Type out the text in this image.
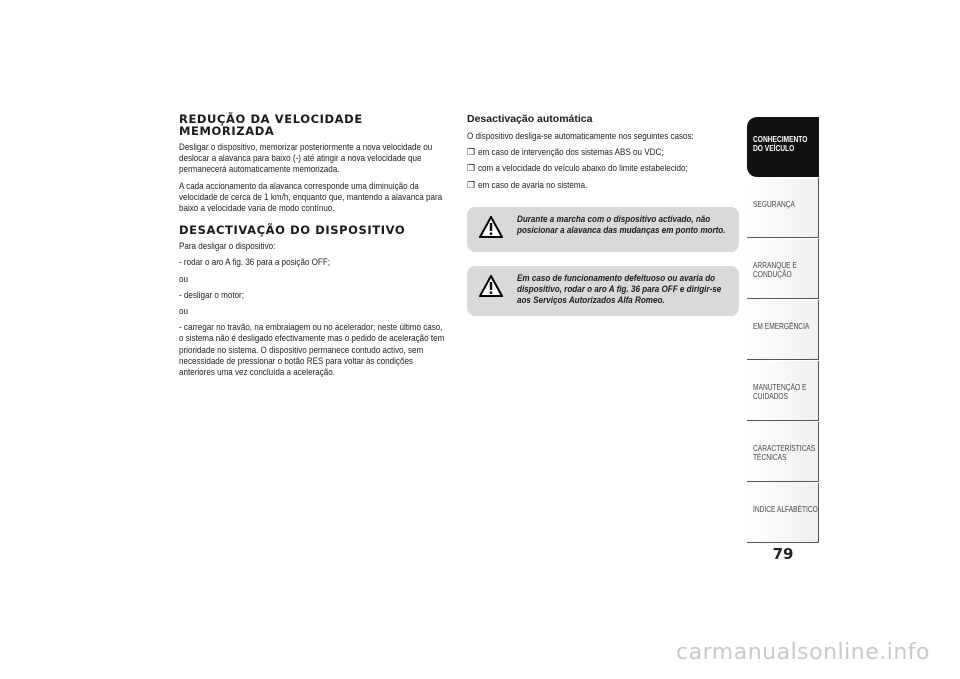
REDUÇÃO DA VELOCIDADE MEMORIZADA

Desligar o dispositivo, memorizar posteriormente a nova velocidade ou deslocar a alavanca para baixo (-) até atingir a nova velocidade que permanecerá automaticamente memorizada.

A cada accionamento da alavanca corresponde uma diminuição da velocidade de cerca de 1 km/h, enquanto que, mantendo a alavanca para baixo a velocidade varia de modo contínuo.

DESACTIVAÇÃO DO DISPOSITIVO

Para desligar o dispositivo:

- rodar o aro A fig. 36 para a posição OFF;

ou

- desligar o motor;

ou

- carregar no travão, na embraiagem ou no acelerador; neste último caso, o sistema não é desligado efectivamente mas o pedido de aceleração tem prioridade no sistema. O dispositivo permanece contudo activo, sem necessidade de pressionar o botão RES para voltar às condições anteriores uma vez concluída a aceleração.

Desactivação automática

O dispositivo desliga-se automaticamente nos seguintes casos:

❒ em caso de intervenção dos sistemas ABS ou VDC;

❒ com a velocidade do veículo abaixo do limite estabelecido;

❒ em caso de avaria no sistema.

Durante a marcha com o dispositivo activado, não posicionar a alavanca das mudanças em ponto morto.
Em caso de funcionamento defeituoso ou avaria do dispositivo, rodar o aro A fig. 36 para OFF e dirigir-se aos Serviços Autorizados Alfa Romeo.
CONHECIMENTO
DO VEÍCULO
SEGURANÇA
ARRANQUE E
CONDUÇÃO
EM EMERGÊNCIA
MANUTENÇÃO E
CUIDADOS
CARACTERÍSTICAS
TÉCNICAS
ÍNDICE ALFABÉTICO
79
carmanualsonline.info
